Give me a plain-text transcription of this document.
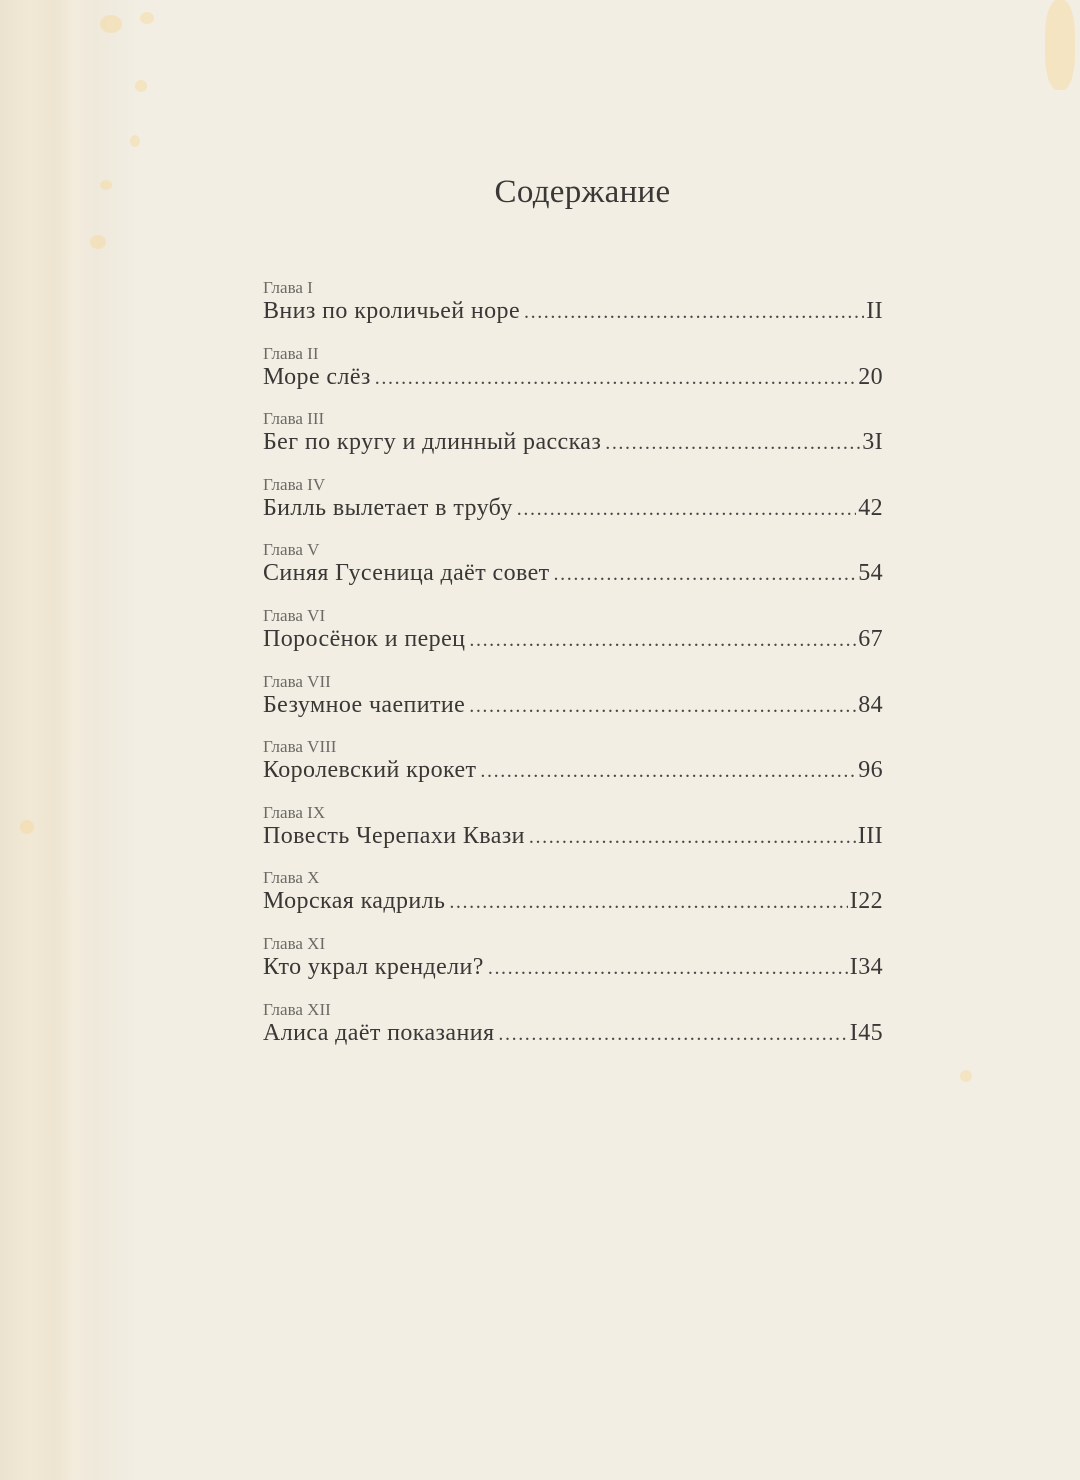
Содержание
Глава I
Вниз по кроличьей норе .....	II
Глава II
Море слёз .....	20
Глава III
Бег по кругу и длинный рассказ .....	3I
Глава IV
Билль вылетает в трубу .....	42
Глава V
Синяя Гусеница даёт совет .....	54
Глава VI
Поросёнок и перец .....	67
Глава VII
Безумное чаепитие .....	84
Глава VIII
Королевский крокет .....	96
Глава IX
Повесть Черепахи Квази .....	III
Глава X
Морская кадриль .....	I22
Глава XI
Кто украл крендели? .....	I34
Глава XII
Алиса даёт показания .....	I45
